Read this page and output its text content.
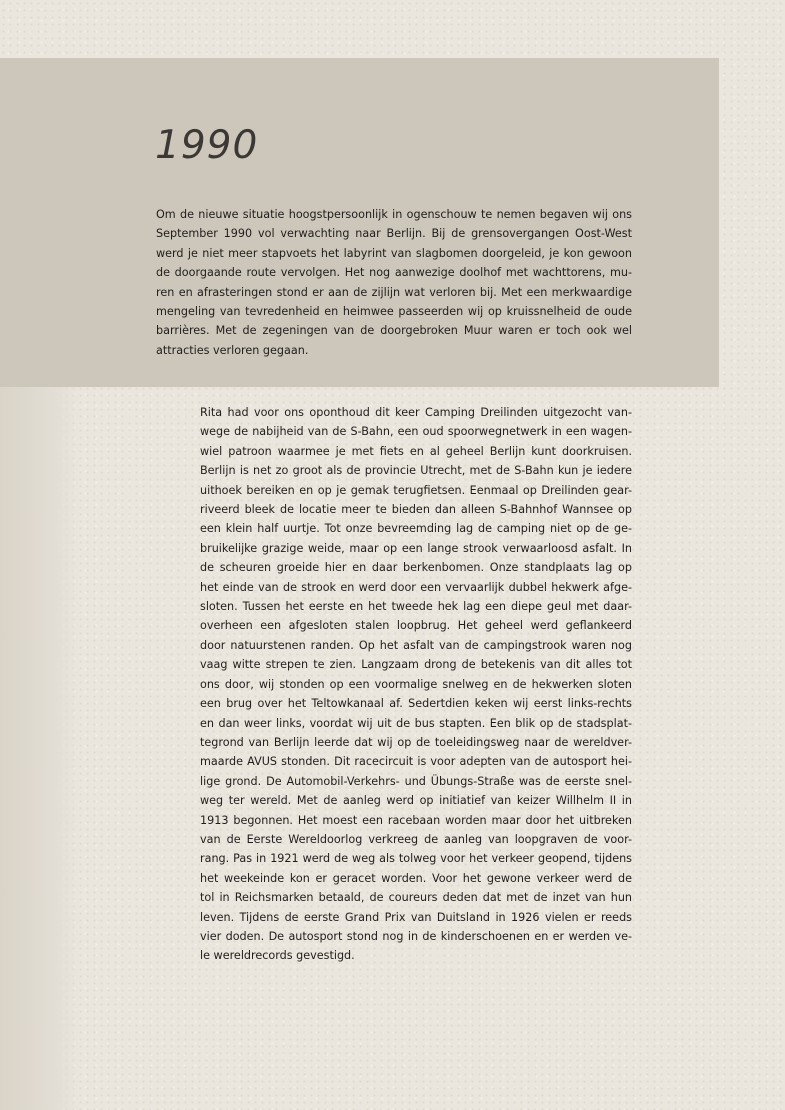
1990
Om de nieuwe situatie hoogstpersoonlijk in ogenschouw te nemen begaven wij ons
September 1990 vol verwachting naar Berlijn. Bij de grensovergangen Oost-West
werd je niet meer stapvoets het labyrint van slagbomen doorgeleid, je kon gewoon
de doorgaande route vervolgen. Het nog aanwezige doolhof met wachttorens, mu-
ren en afrasteringen stond er aan de zijlijn wat verloren bij. Met een merkwaardige
mengeling van tevredenheid en heimwee passeerden wij op kruissnelheid de oude
barrières. Met de zegeningen van de doorgebroken Muur waren er toch ook wel
attracties verloren gegaan.
Rita had voor ons oponthoud dit keer Camping Dreilinden uitgezocht van-
wege de nabijheid van de S-Bahn, een oud spoorwegnetwerk in een wagen-
wiel patroon waarmee je met fiets en al geheel Berlijn kunt doorkruisen.
Berlijn is net zo groot als de provincie Utrecht, met de S-Bahn kun je iedere
uithoek bereiken en op je gemak terugfietsen. Eenmaal op Dreilinden gear-
riveerd bleek de locatie meer te bieden dan alleen S-Bahnhof Wannsee op
een klein half uurtje. Tot onze bevreemding lag de camping niet op de ge-
bruikelijke grazige weide, maar op een lange strook verwaarloosd asfalt. In
de scheuren groeide hier en daar berkenbomen. Onze standplaats lag op
het einde van de strook en werd door een vervaarlijk dubbel hekwerk afge-
sloten. Tussen het eerste en het tweede hek lag een diepe geul met daar-
overheen een afgesloten stalen loopbrug. Het geheel werd geflankeerd
door natuurstenen randen. Op het asfalt van de campingstrook waren nog
vaag witte strepen te zien. Langzaam drong de betekenis van dit alles tot
ons door, wij stonden op een voormalige snelweg en de hekwerken sloten
een brug over het Teltowkanaal af. Sedertdien keken wij eerst links-rechts
en dan weer links, voordat wij uit de bus stapten. Een blik op de stadsplat-
tegrond van Berlijn leerde dat wij op de toeleidingsweg naar de wereldver-
maarde AVUS stonden. Dit racecircuit is voor adepten van de autosport hei-
lige grond. De Automobil-Verkehrs- und Übungs-Straße was de eerste snel-
weg ter wereld. Met de aanleg werd op initiatief van keizer Willhelm II in
1913 begonnen. Het moest een racebaan worden maar door het uitbreken
van de Eerste Wereldoorlog verkreeg de aanleg van loopgraven de voor-
rang. Pas in 1921 werd de weg als tolweg voor het verkeer geopend, tijdens
het weekeinde kon er geracet worden. Voor het gewone verkeer werd de
tol in Reichsmarken betaald, de coureurs deden dat met de inzet van hun
leven. Tijdens de eerste Grand Prix van Duitsland in 1926 vielen er reeds
vier doden. De autosport stond nog in de kinderschoenen en er werden ve-
le wereldrecords gevestigd.
